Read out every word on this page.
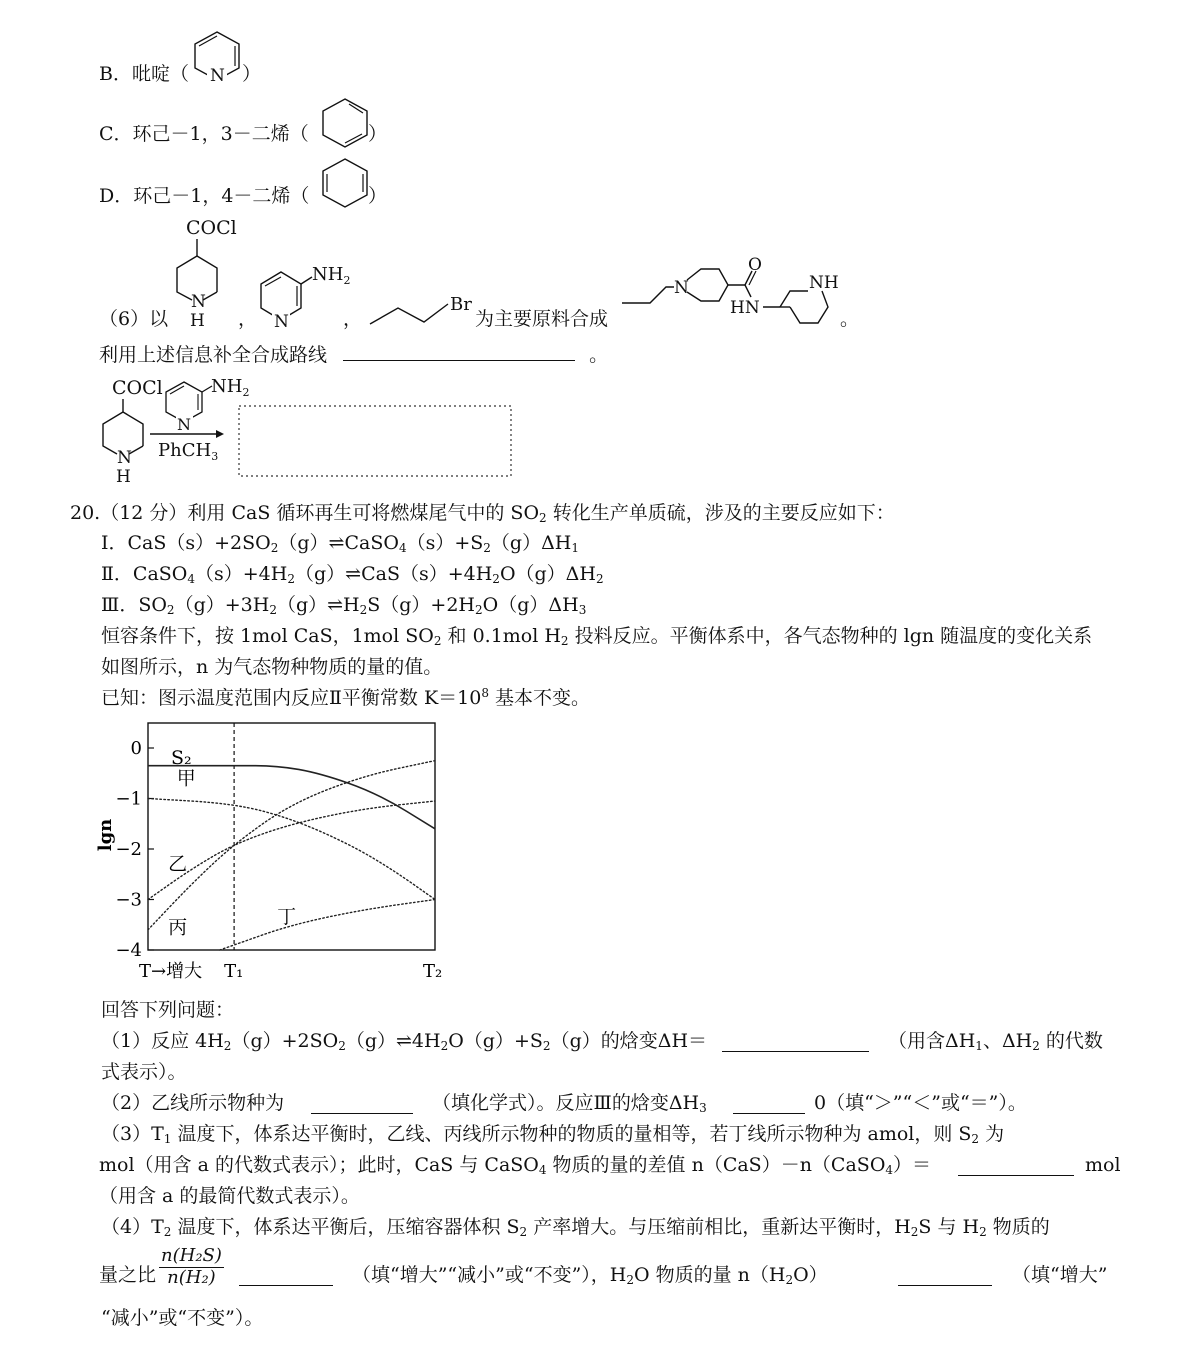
B．吡啶（ N ）
C．环己－1，3－二烯（	）
D．环己－1，4－二烯（	）
（6）以
COCl
N
H ，
$NH_2$
N	，
Br
为主要原料合成
N
O
HN
NH
。
利用上述信息补全合成路线	。
COCl
N
H
$NH_2$
N
PhCH$_3$
20.（12 分）利用 CaS 循环再生可将燃煤尾气中的 $SO_2$ 转化生产单质硫，涉及的主要反应如下：
Ⅰ．$CaS(s)+2SO_2(g)\rightleftharpoons CaSO_4(s)+S_2(g)\Delta H_1$
Ⅱ．$CaSO_4(s)+4H_2(g)\rightleftharpoons CaS(s)+4H_2O(g)\Delta H_2$
Ⅲ．$SO_2(g)+3H_2(g)\rightleftharpoons H_2S(g)+2H_2O(g)\Delta H_3$
恒容条件下，按 1mol CaS，1mol $SO_2$ 和 0.1mol $H_2$ 投料反应。平衡体系中，各气态物种的 lgn 随温度的变化关系
如图所示，n 为气态物种物质的量的值。
已知：图示温度范围内反应Ⅱ平衡常数 $K=10^8$ 基本不变。
0
−1
−2
−3
−4
lgn
T→增大 T₁	T₂
S₂
甲
乙
丙	丁
回答下列问题：
（1）反应 $4H_2(g)+2SO_2(g)\rightleftharpoons 4H_2O(g)+S_2(g)$的焓变ΔH＝	（用含$\Delta H_1$、$\Delta H_2$ 的代数
式表示）。
（2）乙线所示物种为	（填化学式）。反应Ⅲ的焓变$\Delta H_3$	0（填“＞”“＜”或“＝”）。
$(3)T_1$ 温度下，体系达平衡时，乙线、丙线所示物种的物质的量相等，若丁线所示物种为 amol，则 $S_2$ 为
mol（用含 a 的代数式表示）；此时，CaS 与 CaSO$_4$ 物质的量的差值 n（CaS）－n（CaSO$_4$）＝	mol
（用含 a 的最简代数式表示）。
$(4)T_2$ 温度下，体系达平衡后，压缩容器体积 $S_2$ 产率增大。与压缩前相比，重新达平衡时，$H_2S$ 与 $H_2$ 物质的
量之比 $\frac{\text{n(H₂S)}}{\text{n(H₂)}}$	（填“增大”“减小”或“不变”），$H_2O$ 物质的量 $n(H_2O)$	（填“增大”
“减小”或“不变”）。
